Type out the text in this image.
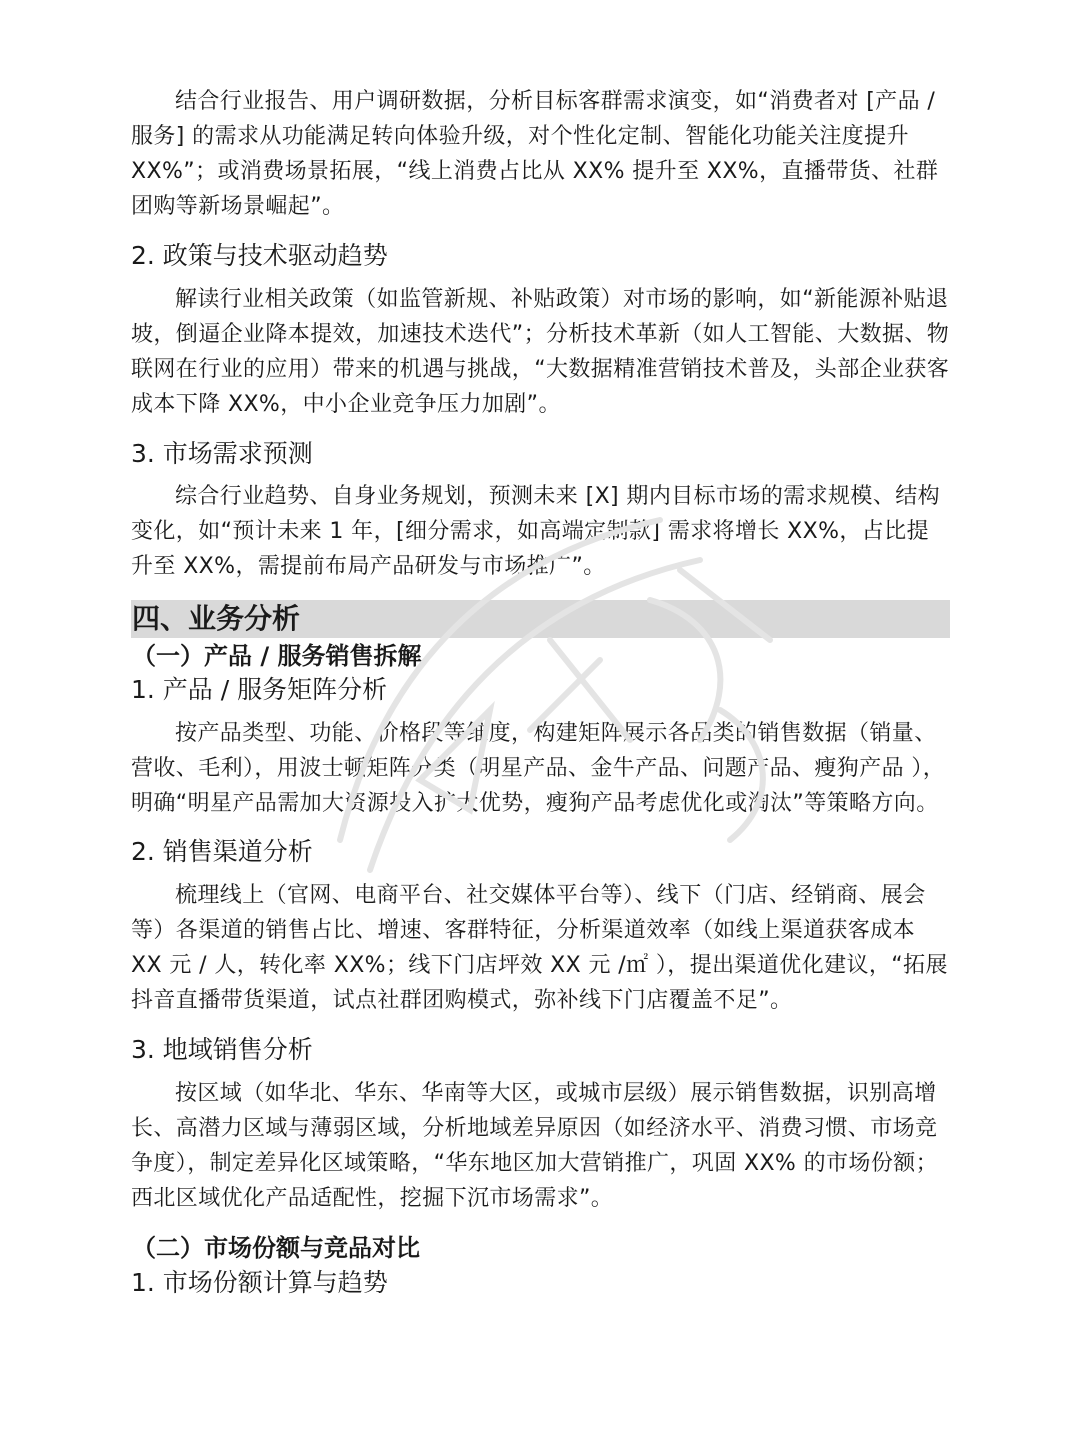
结合行业报告、用户调研数据，分析目标客群需求演变，如“消费者对 [产品 / 服务] 的需求从功能满足转向体验升级，对个性化定制、智能化功能关注度提升 XX%”；或消费场景拓展，“线上消费占比从 XX% 提升至 XX%，直播带货、社群团购等新场景崛起”。

2. 政策与技术驱动趋势

解读行业相关政策（如监管新规、补贴政策）对市场的影响，如“新能源补贴退坡，倒逼企业降本提效，加速技术迭代”；分析技术革新（如人工智能、大数据、物联网在行业的应用）带来的机遇与挑战，“大数据精准营销技术普及，头部企业获客成本下降 XX%，中小企业竞争压力加剧”。

3. 市场需求预测

综合行业趋势、自身业务规划，预测未来 [X] 期内目标市场的需求规模、结构变化，如“预计未来 1 年，[细分需求，如高端定制款] 需求将增长 XX%，占比提升至 XX%，需提前布局产品研发与市场推广”。

四、业务分析
（一）产品 / 服务销售拆解
1. 产品 / 服务矩阵分析

按产品类型、功能、价格段等维度，构建矩阵展示各品类的销售数据（销量、营收、毛利），用波士顿矩阵分类（明星产品、金牛产品、问题产品、瘦狗产品 ），明确“明星产品需加大资源投入扩大优势，瘦狗产品考虑优化或淘汰”等策略方向。

2. 销售渠道分析

梳理线上（官网、电商平台、社交媒体平台等）、线下（门店、经销商、展会等）各渠道的销售占比、增速、客群特征，分析渠道效率（如线上渠道获客成本 XX 元 / 人，转化率 XX%；线下门店坪效 XX 元 /㎡ ），提出渠道优化建议，“拓展抖音直播带货渠道，试点社群团购模式，弥补线下门店覆盖不足”。

3. 地域销售分析

按区域（如华北、华东、华南等大区，或城市层级）展示销售数据，识别高增长、高潜力区域与薄弱区域，分析地域差异原因（如经济水平、消费习惯、市场竞争度），制定差异化区域策略，“华东地区加大营销推广，巩固 XX% 的市场份额；西北区域优化产品适配性，挖掘下沉市场需求”。

（二）市场份额与竞品对比
1. 市场份额计算与趋势
